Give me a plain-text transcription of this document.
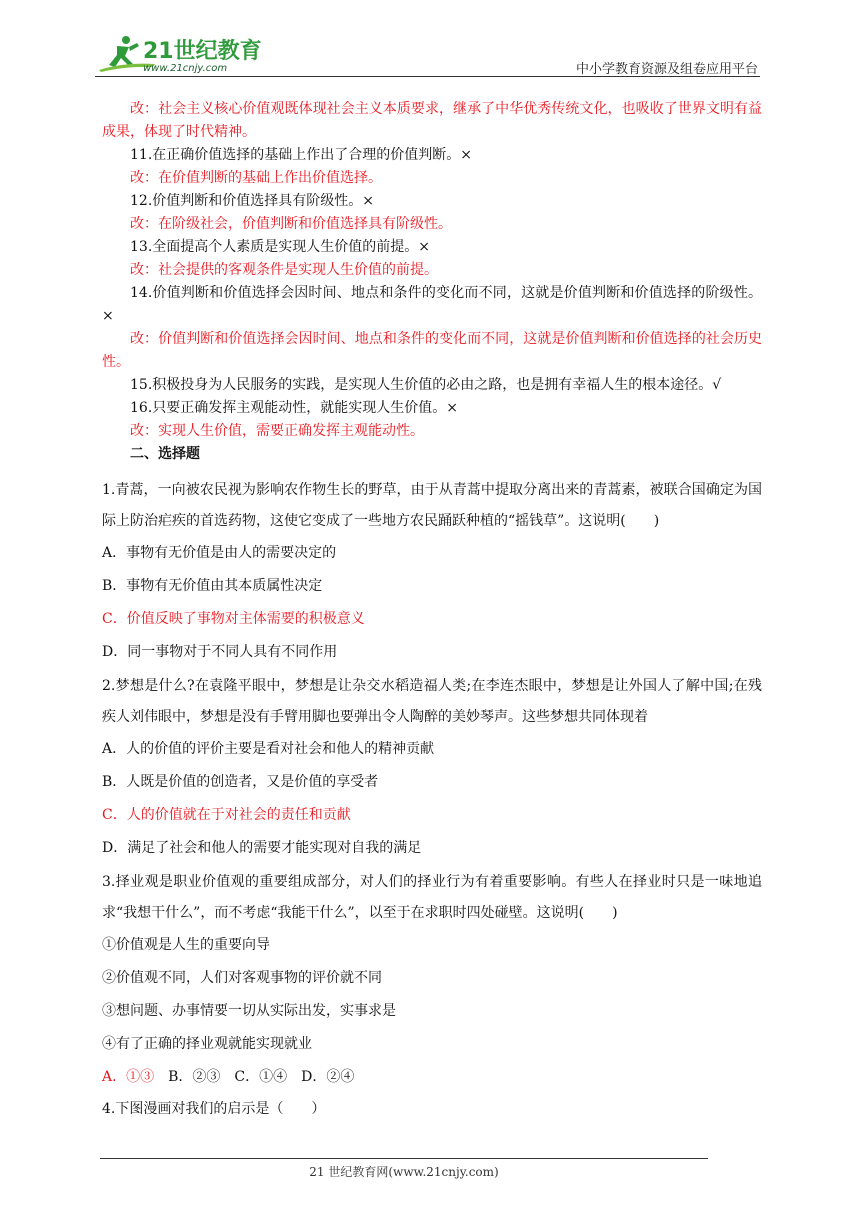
21世纪教育
www.21cnjy.com	中小学教育资源及组卷应用平台

改：社会主义核心价值观既体现社会主义本质要求，继承了中华优秀传统文化，也吸收了世界文明有益成果，体现了时代精神。

11.在正确价值选择的基础上作出了合理的价值判断。×

改：在价值判断的基础上作出价值选择。

12.价值判断和价值选择具有阶级性。×

改：在阶级社会，价值判断和价值选择具有阶级性。

13.全面提高个人素质是实现人生价值的前提。×

改：社会提供的客观条件是实现人生价值的前提。

14.价值判断和价值选择会因时间、地点和条件的变化而不同，这就是价值判断和价值选择的阶级性。×

改：价值判断和价值选择会因时间、地点和条件的变化而不同，这就是价值判断和价值选择的社会历史性。

15.积极投身为人民服务的实践，是实现人生价值的必由之路，也是拥有幸福人生的根本途径。√

16.只要正确发挥主观能动性，就能实现人生价值。×

改：实现人生价值，需要正确发挥主观能动性。

二、选择题

1.青蒿，一向被农民视为影响农作物生长的野草，由于从青蒿中提取分离出来的青蒿素，被联合国确定为国际上防治疟疾的首选药物，这使它变成了一些地方农民踊跃种植的“摇钱草”。这说明(　　)

A．事物有无价值是由人的需要决定的

B．事物有无价值由其本质属性决定

C．价值反映了事物对主体需要的积极意义

D．同一事物对于不同人具有不同作用

2.梦想是什么?在袁隆平眼中，梦想是让杂交水稻造福人类;在李连杰眼中，梦想是让外国人了解中国;在残疾人刘伟眼中，梦想是没有手臂用脚也要弹出令人陶醉的美妙琴声。这些梦想共同体现着

A．人的价值的评价主要是看对社会和他人的精神贡献

B．人既是价值的创造者，又是价值的享受者

C．人的价值就在于对社会的责任和贡献

D．满足了社会和他人的需要才能实现对自我的满足

3.择业观是职业价值观的重要组成部分，对人们的择业行为有着重要影响。有些人在择业时只是一味地追求“我想干什么”，而不考虑“我能干什么”，以至于在求职时四处碰壁。这说明(　　)

①价值观是人生的重要向导

②价值观不同，人们对客观事物的评价就不同

③想问题、办事情要一切从实际出发，实事求是

④有了正确的择业观就能实现就业

A．①③ B．②③ C．①④ D．②④

4.下图漫画对我们的启示是（　　）

21 世纪教育网(www.21cnjy.com)
